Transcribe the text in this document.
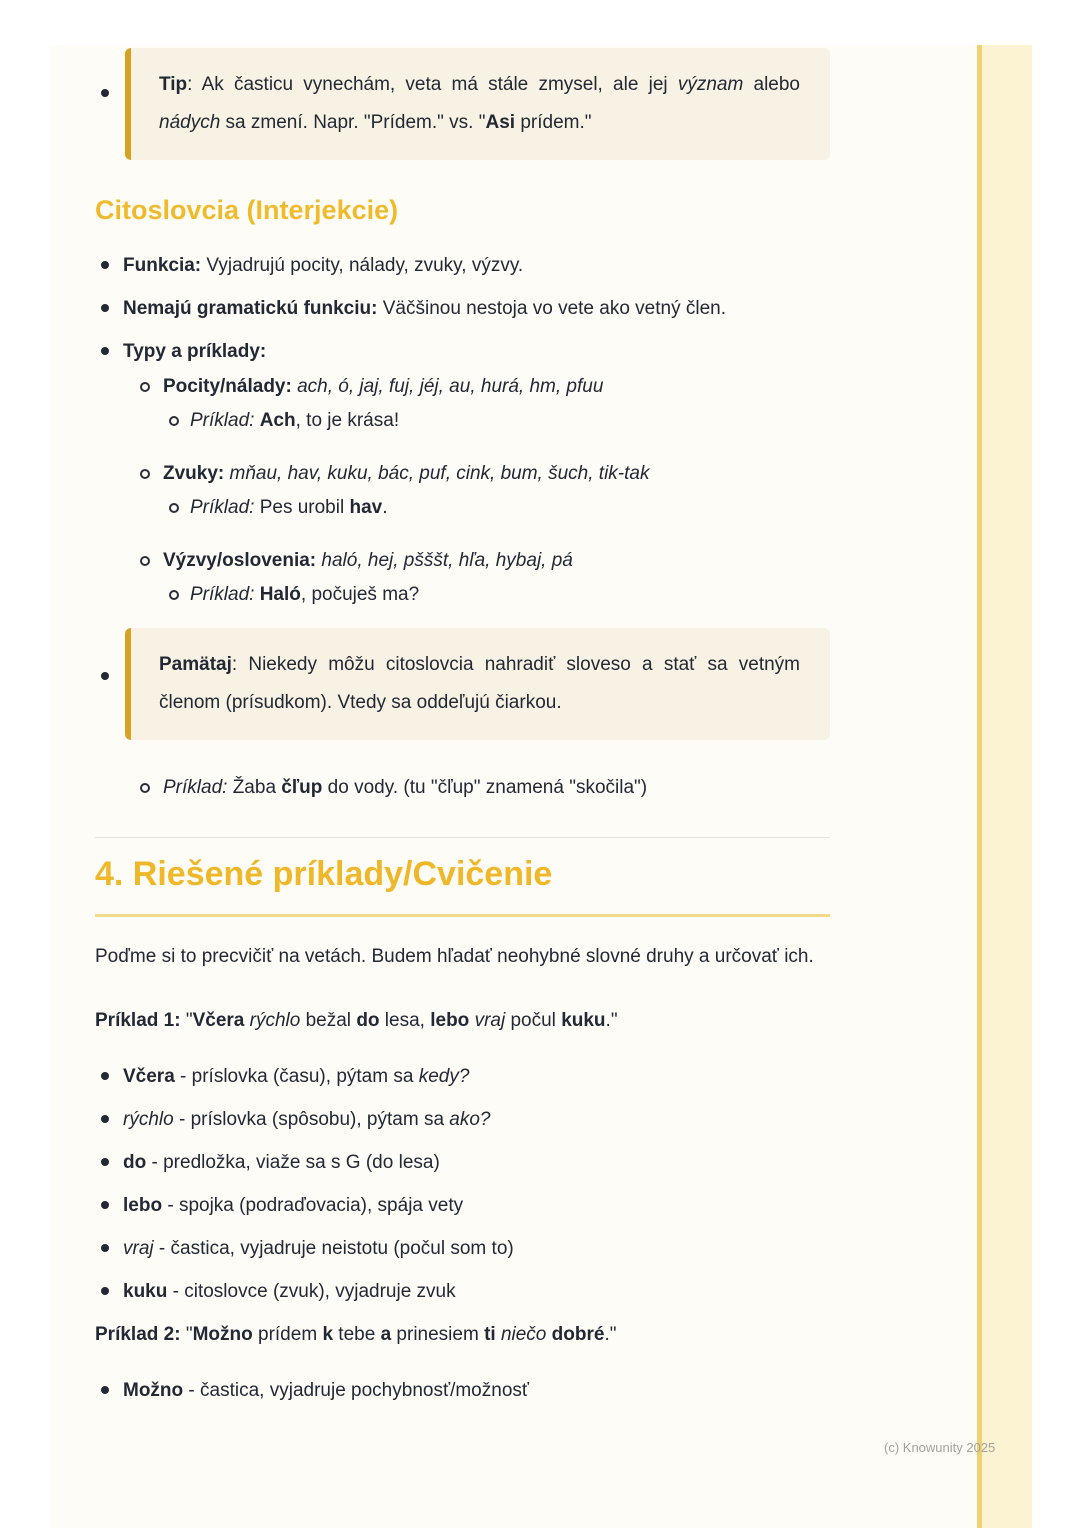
Tip: Ak časticu vynechám, veta má stále zmysel, ale jej význam alebo nádych sa zmení. Napr. "Prídem." vs. "Asi prídem."

Citoslovcia (Interjekcie)
Funkcia: Vyjadrujú pocity, nálady, zvuky, výzvy.
Nemajú gramatickú funkciu: Väčšinou nestoja vo vete ako vetný člen.
Typy a príklady:
Pocity/nálady: ach, ó, jaj, fuj, jéj, au, hurá, hm, pfuu
Príklad: Ach, to je krása!
Zvuky: mňau, hav, kuku, bác, puf, cink, bum, šuch, tik-tak
Príklad: Pes urobil hav.
Výzvy/oslovenia: haló, hej, pšššt, hľa, hybaj, pá
Príklad: Haló, počuješ ma?

Pamätaj: Niekedy môžu citoslovcia nahradiť sloveso a stať sa vetným členom (prísudkom). Vtedy sa oddeľujú čiarkou.

Príklad: Žaba čľup do vody. (tu "čľup" znamená "skočila")
4. Riešené príklady/Cvičenie

Poďme si to precvičiť na vetách. Budem hľadať neohybné slovné druhy a určovať ich.

Príklad 1: "Včera rýchlo bežal do lesa, lebo vraj počul kuku."

Včera - príslovka (času), pýtam sa kedy?
rýchlo - príslovka (spôsobu), pýtam sa ako?
do - predložka, viaže sa s G (do lesa)
lebo - spojka (podraďovacia), spája vety
vraj - častica, vyjadruje neistotu (počul som to)
kuku - citoslovce (zvuk), vyjadruje zvuk

Príklad 2: "Možno prídem k tebe a prinesiem ti niečo dobré."

Možno - častica, vyjadruje pochybnosť/možnosť
(c) Knowunity 2025
